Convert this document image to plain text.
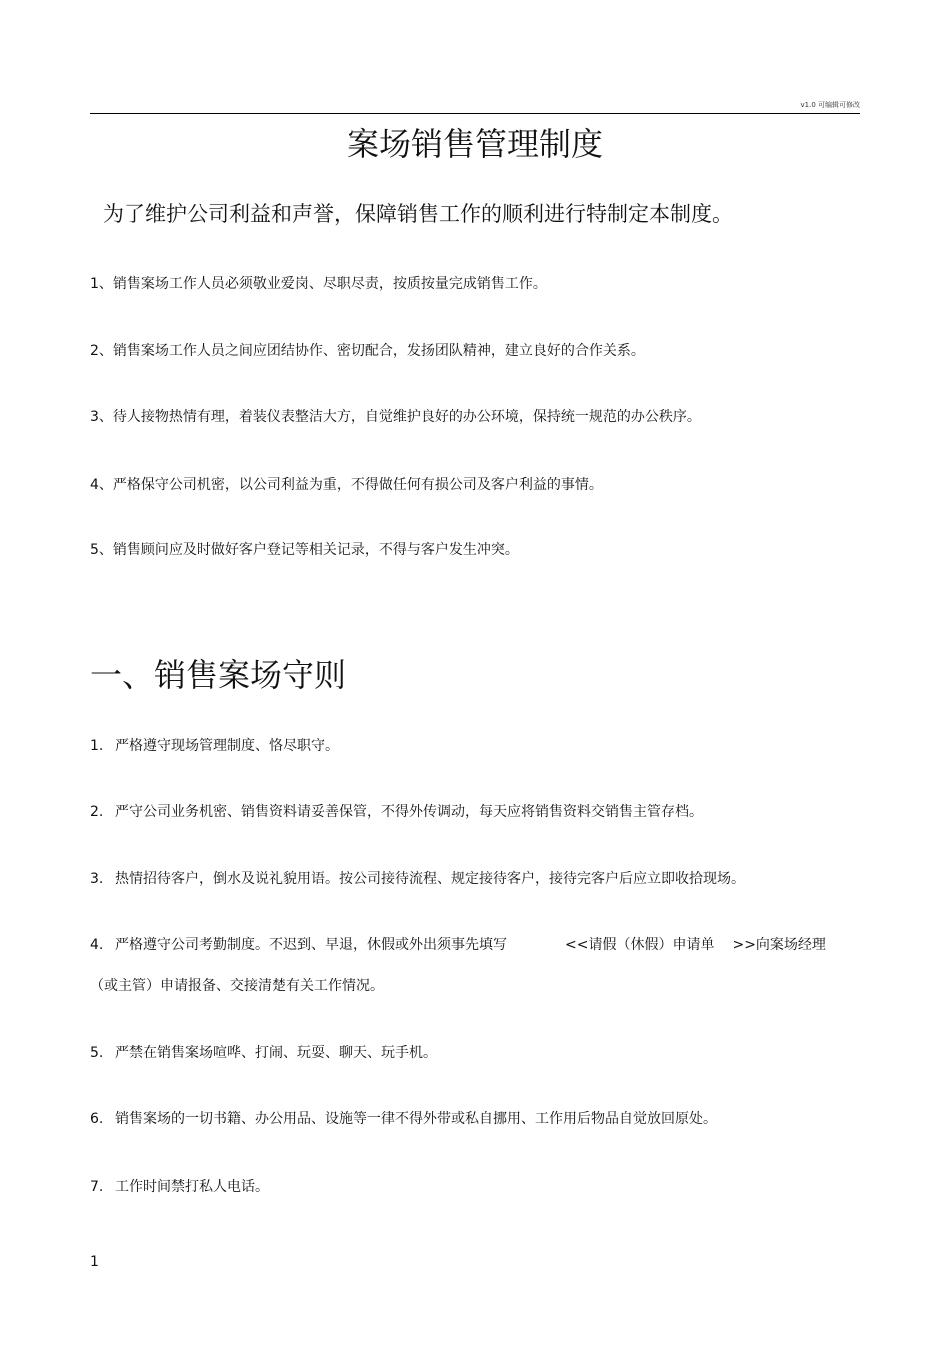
v1.0 可编辑可修改
案场销售管理制度
为了维护公司利益和声誉，保障销售工作的顺利进行特制定本制度。
1、销售案场工作人员必须敬业爱岗、尽职尽责，按质按量完成销售工作。
2、销售案场工作人员之间应团结协作、密切配合，发扬团队精神，建立良好的合作关系。
3、待人接物热情有理，着装仪表整洁大方，自觉维护良好的办公环境，保持统一规范的办公秩序。
4、严格保守公司机密，以公司利益为重，不得做任何有损公司及客户利益的事情。
5、销售顾问应及时做好客户登记等相关记录，不得与客户发生冲突。
一、销售案场守则
1. 严格遵守现场管理制度、恪尽职守。
2. 严守公司业务机密、销售资料请妥善保管，不得外传调动，每天应将销售资料交销售主管存档。
3. 热情招待客户，倒水及说礼貌用语。按公司接待流程、规定接待客户，接待完客户后应立即收拾现场。
4. 严格遵守公司考勤制度。不迟到、早退，休假或外出须事先填写	<<请假（休假）申请单 >>向案场经理
（或主管）申请报备、交接清楚有关工作情况。
5. 严禁在销售案场喧哗、打闹、玩耍、聊天、玩手机。
6. 销售案场的一切书籍、办公用品、设施等一律不得外带或私自挪用、工作用后物品自觉放回原处。
7. 工作时间禁打私人电话。
1
